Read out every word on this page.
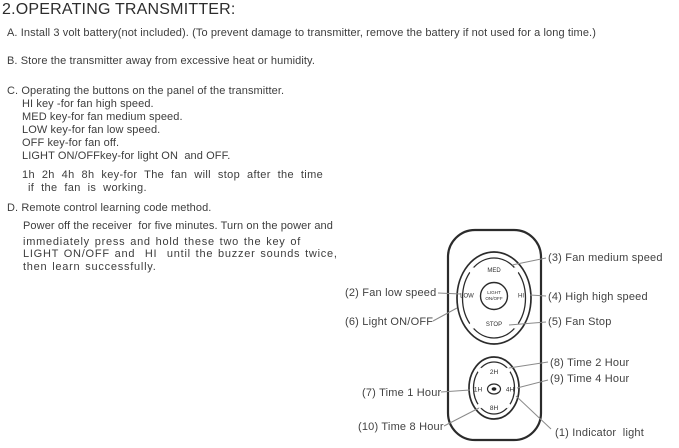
2.OPERATING TRANSMITTER:
A. Install 3 volt battery(not included). (To prevent damage to transmitter, remove the battery if not used for a long time.)
B. Store the transmitter away from excessive heat or humidity.
C. Operating the buttons on the panel of the transmitter.
HI key -for fan high speed.
MED key-for fan medium speed.
LOW key-for fan low speed.
OFF key-for fan off.
LIGHT ON/OFFkey-for light ON  and OFF.
1h 2h 4h 8h key-for The fan will stop after the time
if the fan is working.
D. Remote control learning code method.
Power off the receiver  for five minutes. Turn on the power and
immediately press and hold these two the key of
LIGHT ON/OFF and  HI  until the buzzer sounds twice,
then learn successfully.	MED
LOW	HI
STOP
LIGHT
ON/OFF
2H
1H	4H
8H
(2) Fan low speed
(6) Light ON/OFF
(7) Time 1 Hour
(10) Time 8 Hour
(3) Fan medium speed
(4) High high speed
(5) Fan Stop
(8) Time 2 Hour
(9) Time 4 Hour
(1) Indicator  light
